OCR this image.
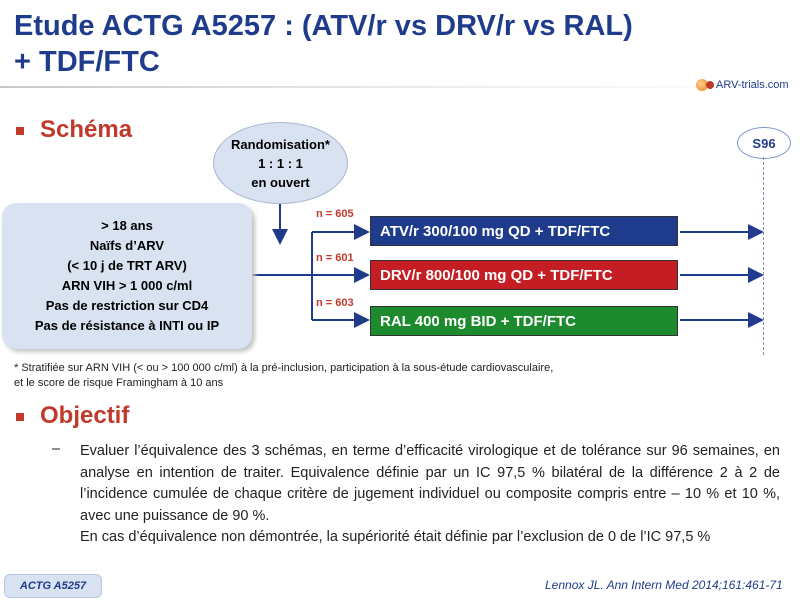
Etude ACTG A5257 : (ATV/r vs DRV/r vs RAL)
+ TDF/FTC
ARV-trials.com
Schéma
Randomisation*
1 : 1 : 1
en ouvert
S96
> 18 ans
Naïfs d’ARV
(< 10 j de TRT ARV)
ARN VIH > 1 000 c/ml
Pas de restriction sur CD4
Pas de résistance à INTI ou IP
n = 605
ATV/r 300/100 mg QD + TDF/FTC
n = 601
DRV/r 800/100 mg QD + TDF/FTC
n = 603
RAL 400 mg BID + TDF/FTC
* Stratifiée sur ARN VIH (< ou > 100 000 c/ml) à la pré-inclusion, participation à la sous-étude cardiovasculaire,
et le score de risque Framingham à 10 ans
Objectif
– Evaluer l’équivalence des 3 schémas, en terme d’efficacité virologique et de tolérance sur 96 semaines, en analyse en intention de traiter. Equivalence définie par un IC 97,5 % bilatéral de la différence 2 à 2 de l’incidence cumulée de chaque critère de jugement individuel ou composite compris entre – 10 % et 10 %, avec une puissance de 90 %.
En cas d’équivalence non démontrée, la supériorité était définie par l’exclusion de 0 de l’IC 97,5 %
ACTG A5257	Lennox JL. Ann Intern Med 2014;161:461-71
